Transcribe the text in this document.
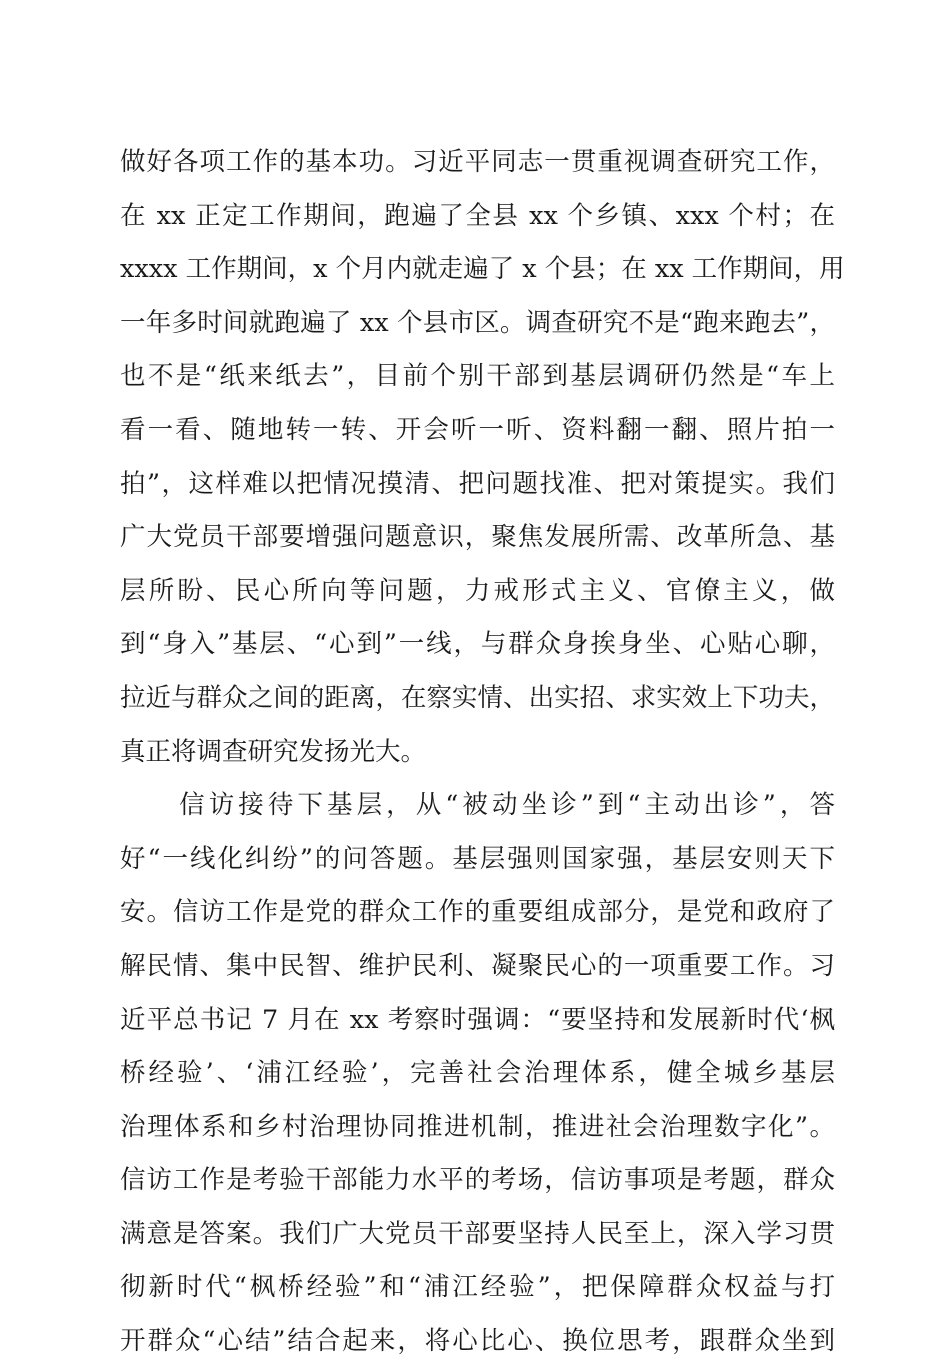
做好各项工作的基本功。习近平同志一贯重视调查研究工作，
在 xx 正定工作期间，跑遍了全县 xx 个乡镇、xxx 个村；在
xxxx 工作期间，x 个月内就走遍了 x 个县；在 xx 工作期间，用
一年多时间就跑遍了 xx 个县市区。调查研究不是“跑来跑去”，
也不是“纸来纸去”，目前个别干部到基层调研仍然是“车上
看一看、随地转一转、开会听一听、资料翻一翻、照片拍一
拍”，这样难以把情况摸清、把问题找准、把对策提实。我们
广大党员干部要增强问题意识，聚焦发展所需、改革所急、基
层所盼、民心所向等问题，力戒形式主义、官僚主义，做
到“身入”基层、“心到”一线，与群众身挨身坐、心贴心聊，
拉近与群众之间的距离，在察实情、出实招、求实效上下功夫，
真正将调查研究发扬光大。
　　信访接待下基层，从“被动坐诊”到“主动出诊”，答
好“一线化纠纷”的问答题。基层强则国家强，基层安则天下
安。信访工作是党的群众工作的重要组成部分，是党和政府了
解民情、集中民智、维护民利、凝聚民心的一项重要工作。习
近平总书记 7 月在 xx 考察时强调：“要坚持和发展新时代‘枫
桥经验’、‘浦江经验’，完善社会治理体系，健全城乡基层
治理体系和乡村治理协同推进机制，推进社会治理数字化”。
信访工作是考验干部能力水平的考场，信访事项是考题，群众
满意是答案。我们广大党员干部要坚持人民至上，深入学习贯
彻新时代“枫桥经验”和“浦江经验”，把保障群众权益与打
开群众“心结”结合起来，将心比心、换位思考，跟群众坐到
